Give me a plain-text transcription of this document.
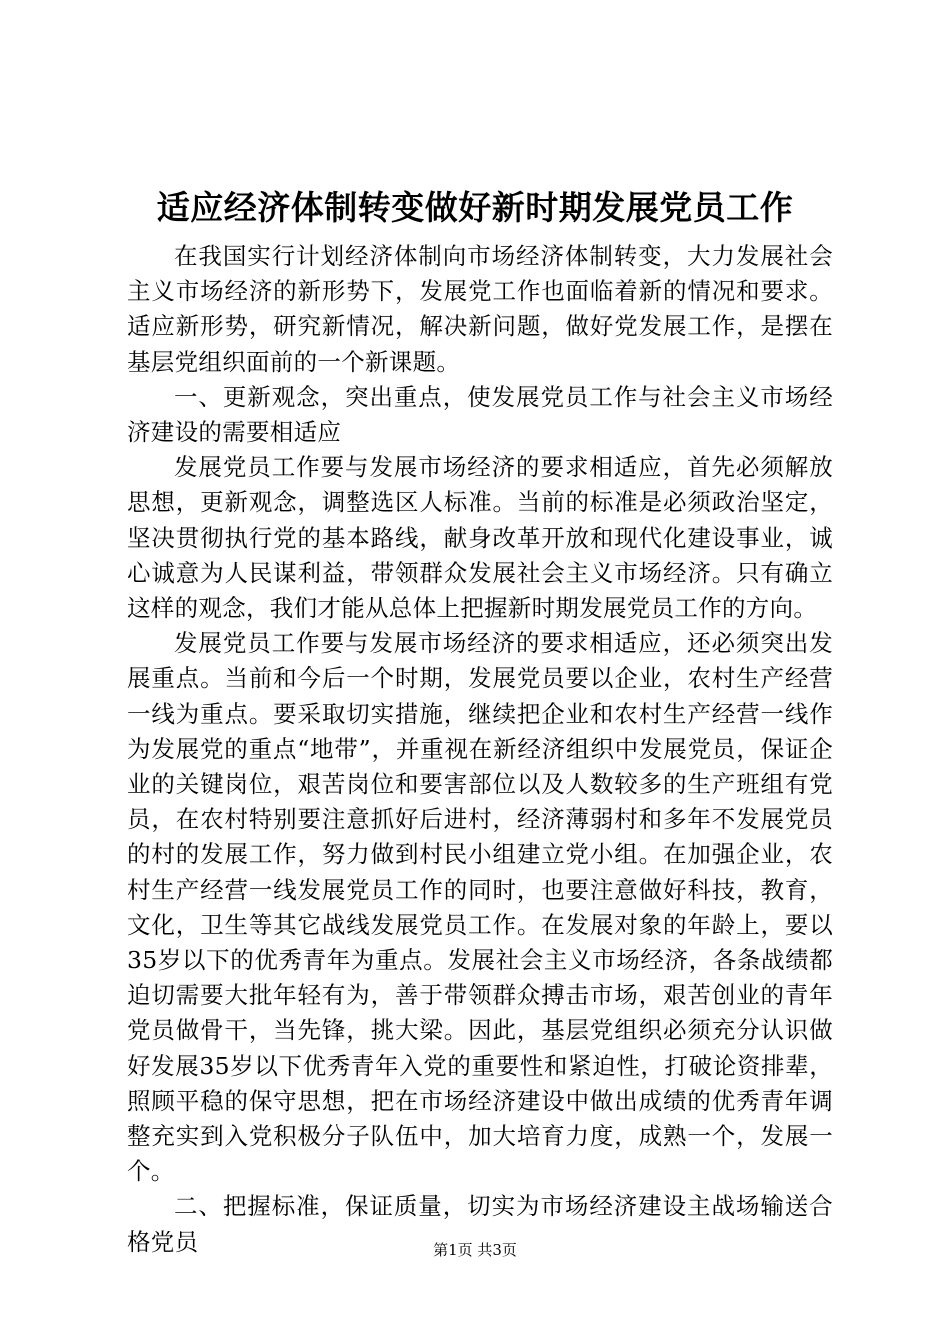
适应经济体制转变做好新时期发展党员工作

在我国实行计划经济体制向市场经济体制转变，大力发展社会主义市场经济的新形势下，发展党工作也面临着新的情况和要求。适应新形势，研究新情况，解决新问题，做好党发展工作，是摆在基层党组织面前的一个新课题。

一、更新观念，突出重点，使发展党员工作与社会主义市场经济建设的需要相适应

发展党员工作要与发展市场经济的要求相适应，首先必须解放思想，更新观念，调整选区人标准。当前的标准是必须政治坚定，坚决贯彻执行党的基本路线，献身改革开放和现代化建设事业，诚心诚意为人民谋利益，带领群众发展社会主义市场经济。只有确立这样的观念，我们才能从总体上把握新时期发展党员工作的方向。

发展党员工作要与发展市场经济的要求相适应，还必须突出发展重点。当前和今后一个时期，发展党员要以企业，农村生产经营一线为重点。要采取切实措施，继续把企业和农村生产经营一线作为发展党的重点“地带”，并重视在新经济组织中发展党员，保证企业的关键岗位，艰苦岗位和要害部位以及人数较多的生产班组有党员，在农村特别要注意抓好后进村，经济薄弱村和多年不发展党员的村的发展工作，努力做到村民小组建立党小组。在加强企业，农村生产经营一线发展党员工作的同时，也要注意做好科技，教育，文化，卫生等其它战线发展党员工作。在发展对象的年龄上，要以35岁以下的优秀青年为重点。发展社会主义市场经济，各条战绩都迫切需要大批年轻有为，善于带领群众搏击市场，艰苦创业的青年党员做骨干，当先锋，挑大梁。因此，基层党组织必须充分认识做好发展35岁以下优秀青年入党的重要性和紧迫性，打破论资排辈，照顾平稳的保守思想，把在市场经济建设中做出成绩的优秀青年调整充实到入党积极分子队伍中，加大培育力度，成熟一个，发展一个。

二、把握标准，保证质量，切实为市场经济建设主战场输送合格党员	第1页 共3页
